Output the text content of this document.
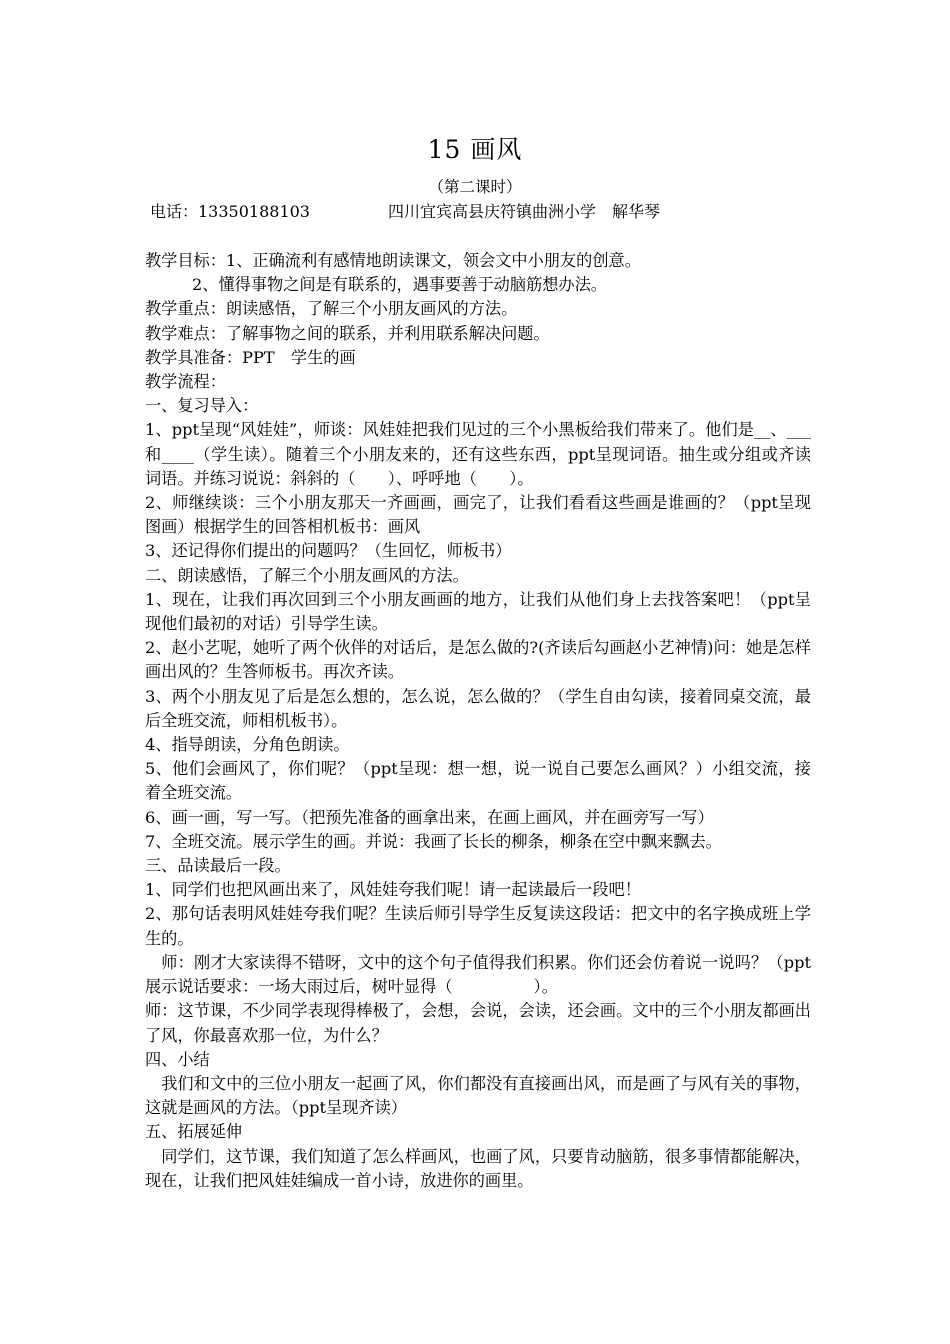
15 画风
（第二课时）
电话：13350188103	四川宜宾高县庆符镇曲洲小学　解华琴

教学目标：1、正确流利有感情地朗读课文，领会文中小朋友的创意。

2、懂得事物之间是有联系的，遇事要善于动脑筋想办法。

教学重点：朗读感悟，了解三个小朋友画风的方法。

教学难点：了解事物之间的联系，并利用联系解决问题。

教学具准备：PPT　学生的画

教学流程：

一、复习导入：

1、ppt呈现“风娃娃”，师谈：风娃娃把我们见过的三个小黑板给我们带来了。他们是__、___和____（学生读）。随着三个小朋友来的，还有这些东西，ppt呈现词语。抽生或分组或齐读词语。并练习说说：斜斜的（　　）、呼呼地（　　）。

2、师继续谈：三个小朋友那天一齐画画，画完了，让我们看看这些画是谁画的？（ppt呈现图画）根据学生的回答相机板书：画风

3、还记得你们提出的问题吗？（生回忆，师板书）

二、朗读感悟，了解三个小朋友画风的方法。

1、现在，让我们再次回到三个小朋友画画的地方，让我们从他们身上去找答案吧！（ppt呈现他们最初的对话）引导学生读。

2、赵小艺呢，她听了两个伙伴的对话后，是怎么做的?(齐读后勾画赵小艺神情)问：她是怎样画出风的？生答师板书。再次齐读。

3、两个小朋友见了后是怎么想的，怎么说，怎么做的？（学生自由勾读，接着同桌交流，最后全班交流，师相机板书）。

4、指导朗读，分角色朗读。

5、他们会画风了，你们呢？（ppt呈现：想一想，说一说自己要怎么画风？）小组交流，接着全班交流。

6、画一画，写一写。（把预先准备的画拿出来，在画上画风，并在画旁写一写）

7、全班交流。展示学生的画。并说：我画了长长的柳条，柳条在空中飘来飘去。

三、品读最后一段。

1、同学们也把风画出来了，风娃娃夸我们呢！请一起读最后一段吧！

2、那句话表明风娃娃夸我们呢？生读后师引导学生反复读这段话：把文中的名字换成班上学生的。

师：刚才大家读得不错呀，文中的这个句子值得我们积累。你们还会仿着说一说吗？（ppt展示说话要求：一场大雨过后，树叶显得（　　　　　）。

师：这节课，不少同学表现得棒极了，会想，会说，会读，还会画。文中的三个小朋友都画出了风，你最喜欢那一位，为什么？

四、小结

我们和文中的三位小朋友一起画了风，你们都没有直接画出风，而是画了与风有关的事物，这就是画风的方法。（ppt呈现齐读）

五、拓展延伸

同学们，这节课，我们知道了怎么样画风，也画了风，只要肯动脑筋，很多事情都能解决，现在，让我们把风娃娃编成一首小诗，放进你的画里。
